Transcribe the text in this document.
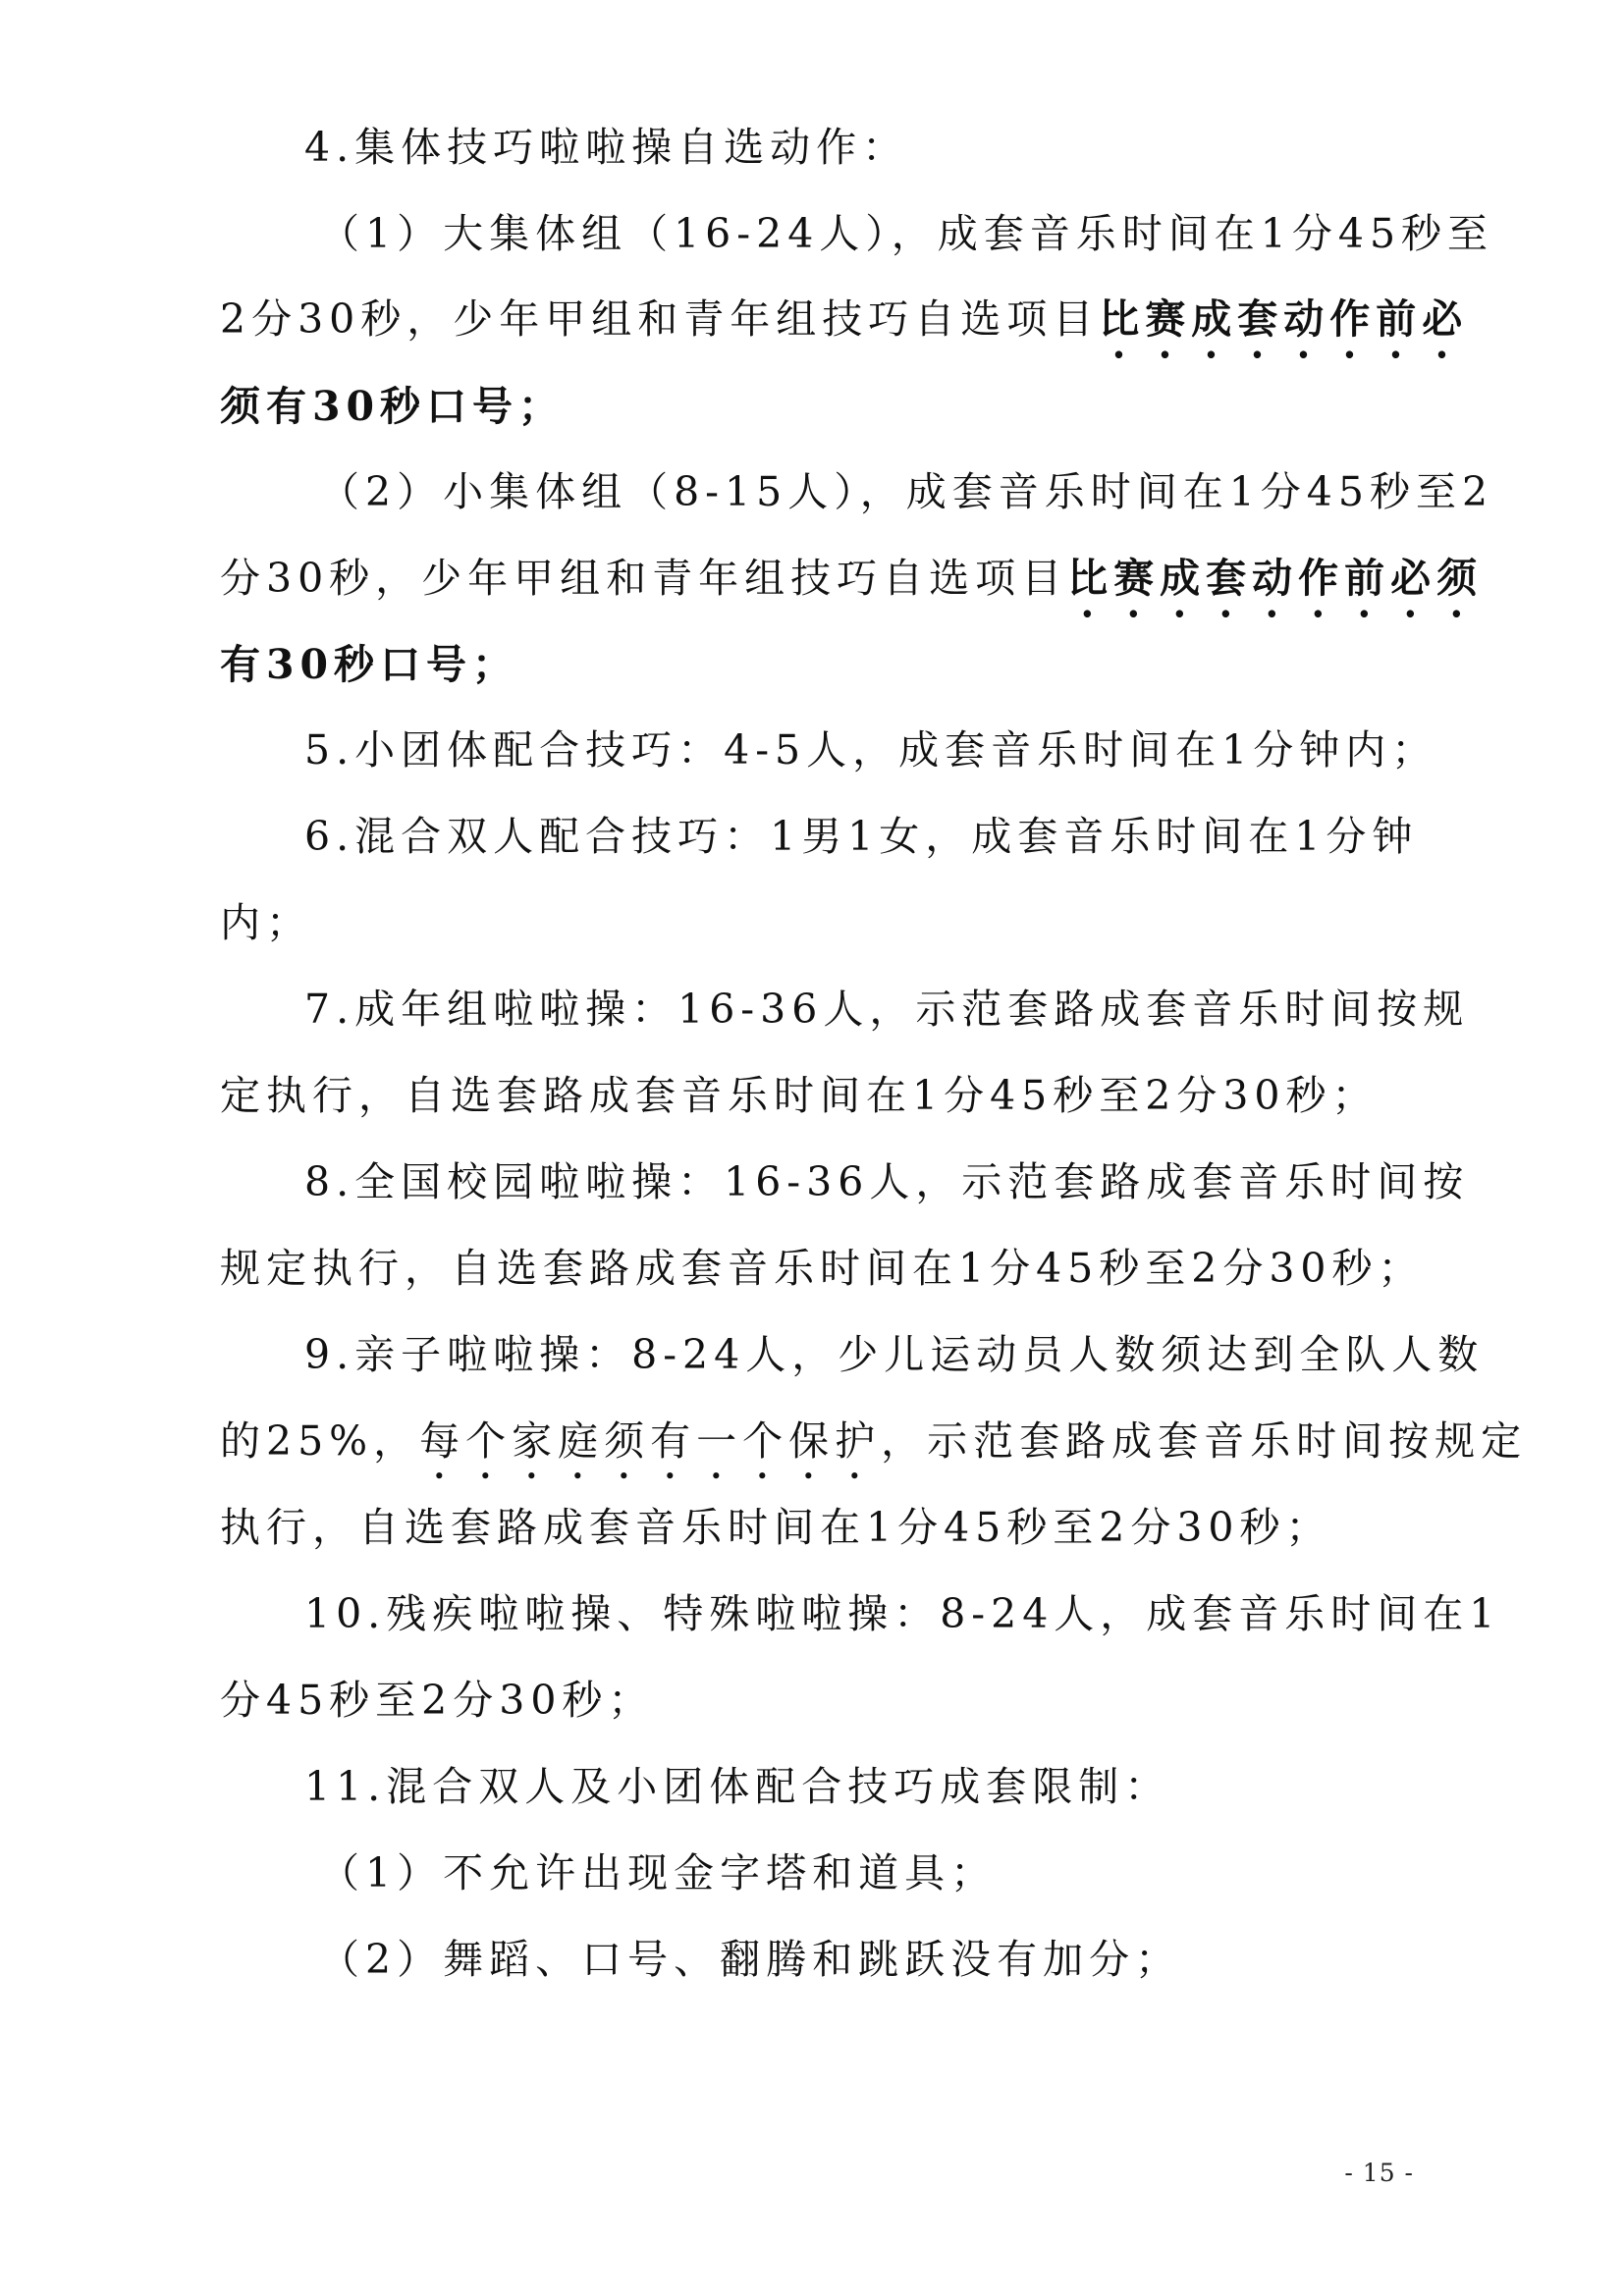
4.集体技巧啦啦操自选动作：
（1）大集体组（16-24人），成套音乐时间在1分45秒至
2分30秒，少年甲组和青年组技巧自选项目比赛成套动作前必
须有30秒口号；
（2）小集体组（8-15人），成套音乐时间在1分45秒至2
分30秒，少年甲组和青年组技巧自选项目比赛成套动作前必须
有30秒口号；
5.小团体配合技巧：4-5人，成套音乐时间在1分钟内；
6.混合双人配合技巧：1男1女，成套音乐时间在1分钟
内；
7.成年组啦啦操：16-36人，示范套路成套音乐时间按规
定执行，自选套路成套音乐时间在1分45秒至2分30秒；
8.全国校园啦啦操：16-36人，示范套路成套音乐时间按
规定执行，自选套路成套音乐时间在1分45秒至2分30秒；
9.亲子啦啦操：8-24人，少儿运动员人数须达到全队人数
的25%，每个家庭须有一个保护，示范套路成套音乐时间按规定
执行，自选套路成套音乐时间在1分45秒至2分30秒；
10.残疾啦啦操、特殊啦啦操：8-24人，成套音乐时间在1
分45秒至2分30秒；
11.混合双人及小团体配合技巧成套限制：
（1）不允许出现金字塔和道具；
（2）舞蹈、口号、翻腾和跳跃没有加分；
- 15 -
